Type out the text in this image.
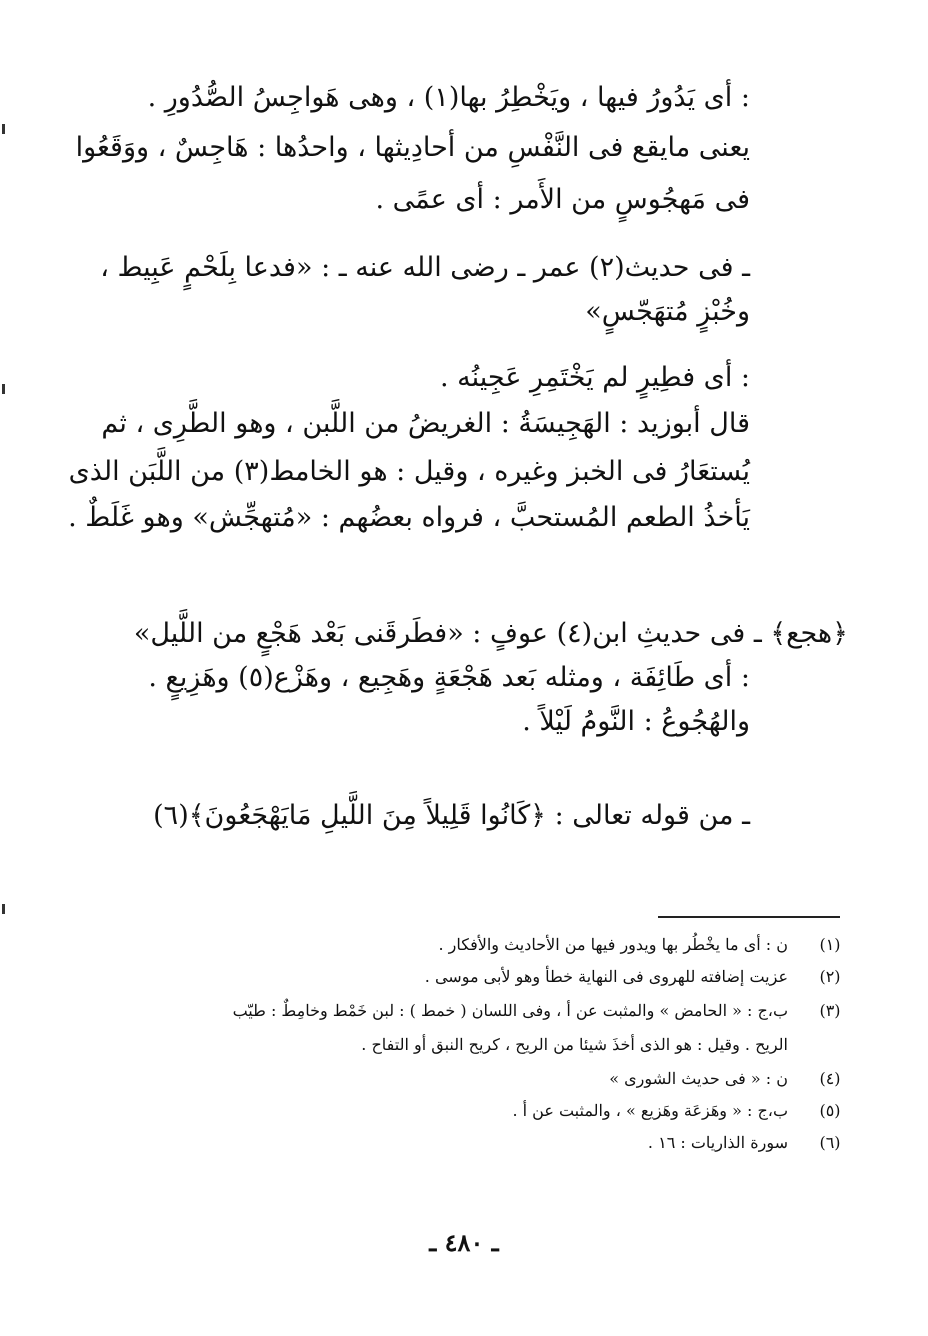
: أى يَدُورُ فيها ، ويَخْطِرُ بها(١) ، وهى هَواجِسُ الصُّدُورِ .
يعنى مايقع فى النَّفْسِ من أحادِيثها ، واحدُها : هَاجِسٌ ، ووَقَعُوا
فى مَهجُوسٍ من الأَمر : أى عمًى .
ـ فى حديث(٢) عمر ـ رضى الله عنه ـ : «فدعا بِلَحْمٍ عَبِيط ،
وخُبْزٍ مُتهَجّسٍ»
: أى فطِيرٍ لم يَخْتَمِرِ عَجِينُه .
قال أبوزيد : الهَجِيسَةُ : الغريضُ من اللَّبن ، وهو الطَّرِى ، ثم
يُستعَارُ فى الخبز وغيره ، وقيل : هو الخامط(٣) من اللَّبَن الذى
يَأخذُ الطعم المُستحبَّ ، فرواه بعضُهم : «مُتهجِّش» وهو غَلَطٌ .
﴿هجع﴾ ـ فى حديثِ ابن(٤) عوفٍ : «فطَرقَنى بَعْد هَجْعٍ من اللَّيل»
: أى طَائِفَة ، ومثله بَعد هَجْعَةٍ وهَجِيع ، وهَزْع(٥) وهَزِيعٍ .
والهُجُوعُ : النَّومُ لَيْلاً .
ـ من قوله تعالى : ﴿كَانُوا قَلِيلاً مِنَ اللَّيلِ مَايَهْجَعُونَ﴾(٦)
(١)
ن : أى ما يخْطُر بها ويدور فيها من الأحاديث والأفكار .
(٢)
عزيت إضافته للهروى فى النهاية خطأ وهو لأبى موسى .
(٣)
ب،ج : « الحامض » والمثبت عن أ ، وفى اللسان ( خمط ) : لبن خَمْط وخامِطٌ : طيّب
الريح . وقيل : هو الذى أخذَ شيئا من الريح ، كريح النبق أو التفاح .
(٤)
ن : « فى حديث الشورى »
(٥)
ب،ج : « وهَزعَة وهَزيع » ، والمثبت عن أ .
(٦)
سورة الذاريات : ١٦ .
ـ ٤٨٠ ـ
